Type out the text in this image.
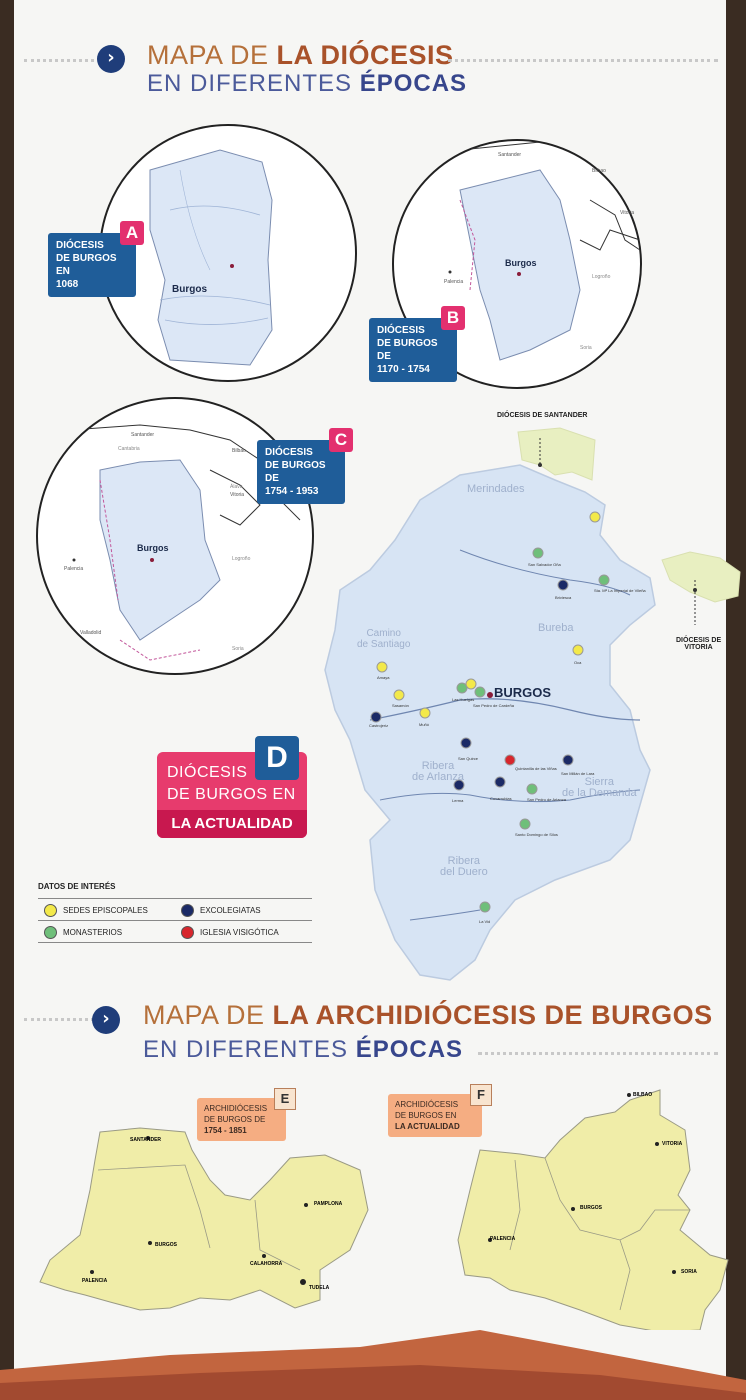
›	MAPA DE LA DIÓCESIS
EN DIFERENTES ÉPOCAS
Burgos
Burgos
Santander
Palencia
Bilbao
Vitoria
Logroño
Soria
Burgos
Santander
Cantabria
Palencia
Álava
Logroño
Soria
Valladolid
Bilbao
Vitoria
DIÓCESIS
DE BURGOS EN
1068
A
DIÓCESIS
DE BURGOS DE
1170 - 1754
B
DIÓCESIS
DE BURGOS DE
1754 - 1953
C
DIÓCESIS DE SANTANDER
DIÓCESIS DE
VITORIA
Merindades
Camino
de Santiago
Bureba
Ribera
de Arlanza	Sierra
de la Demanda
Ribera
del Duero
BURGOS
San Salvador Oña
Briviesca
Sta. Mª La Imperial de Vileña
Amaya
Oca
Sasamón
Castrojeriz	Muñó
Las Huelgas
San Pedro de Cardeña
San Quirce
Quintanilla de las Viñas
Lerma	Covarrubias
San Millán de Lara
San Pedro de Arlanza
Santo Domingo de Silos
La Vid
DIÓCESIS
DE BURGOS EN
LA ACTUALIDAD
D
DATOS DE INTERÉS
SEDES EPISCOPALES	EXCOLEGIATAS
MONASTERIOS	IGLESIA VISIGÓTICA
›	MAPA DE LA ARCHIDIÓCESIS DE BURGOS
EN DIFERENTES ÉPOCAS
SANTANDER
BURGOS
PALENCIA
PAMPLONA
CALAHORRA
TUDELA
BILBAO
VITORIA
BURGOS
PALENCIA
SORIA
ARCHIDIÓCESIS
DE BURGOS DE
1754 - 1851
E	ARCHIDIÓCESIS
DE BURGOS EN
LA ACTUALIDAD
F
